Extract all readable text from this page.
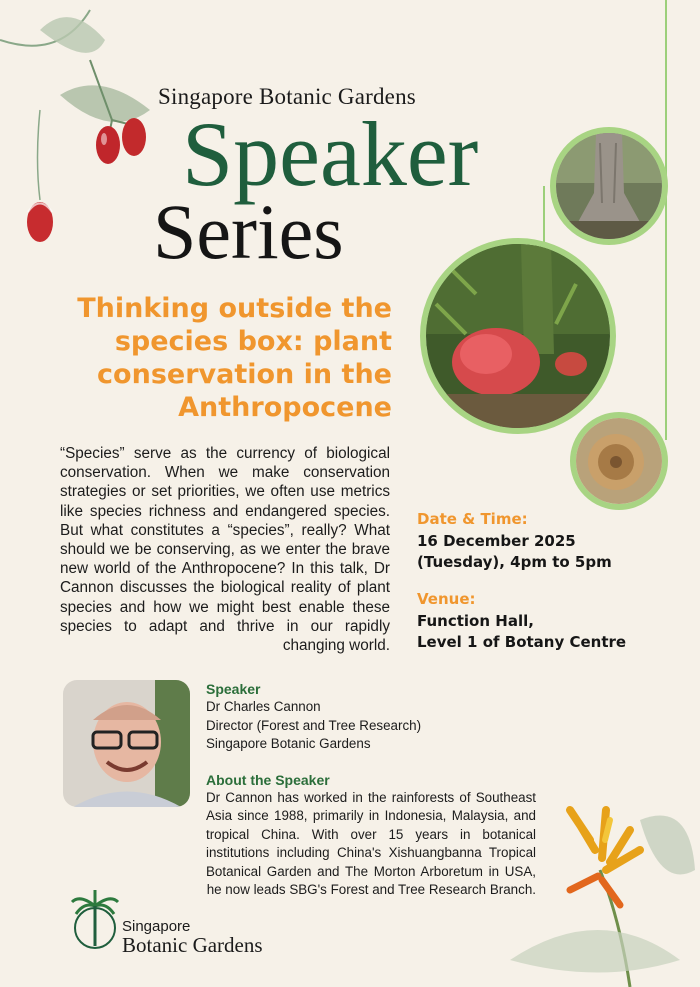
Singapore Botanic Gardens
Speaker
Series
Thinking outside the species box: plant conservation in the Anthropocene
“Species” serve as the currency of biological conservation. When we make conservation strategies or set priorities, we often use metrics like species richness and endangered species. But what constitutes a “species”, really? What should we be conserving, as we enter the brave new world of the Anthropocene? In this talk, Dr Cannon discusses the biological reality of plant species and how we might best enable these species to adapt and thrive in our rapidly changing world.
Date & Time:
16 December 2025
(Tuesday), 4pm to 5pm
Venue:
Function Hall,
Level 1 of Botany Centre
Speaker
Dr Charles Cannon
Director (Forest and Tree Research)
Singapore Botanic Gardens
About the Speaker
Dr Cannon has worked in the rainforests of Southeast Asia since 1988, primarily in Indonesia, Malaysia, and tropical China. With over 15 years in botanical institutions including China's Xishuangbanna Tropical Botanical Garden and The Morton Arboretum in USA, he now leads SBG's Forest and Tree Research Branch.
Singapore
Botanic Gardens
